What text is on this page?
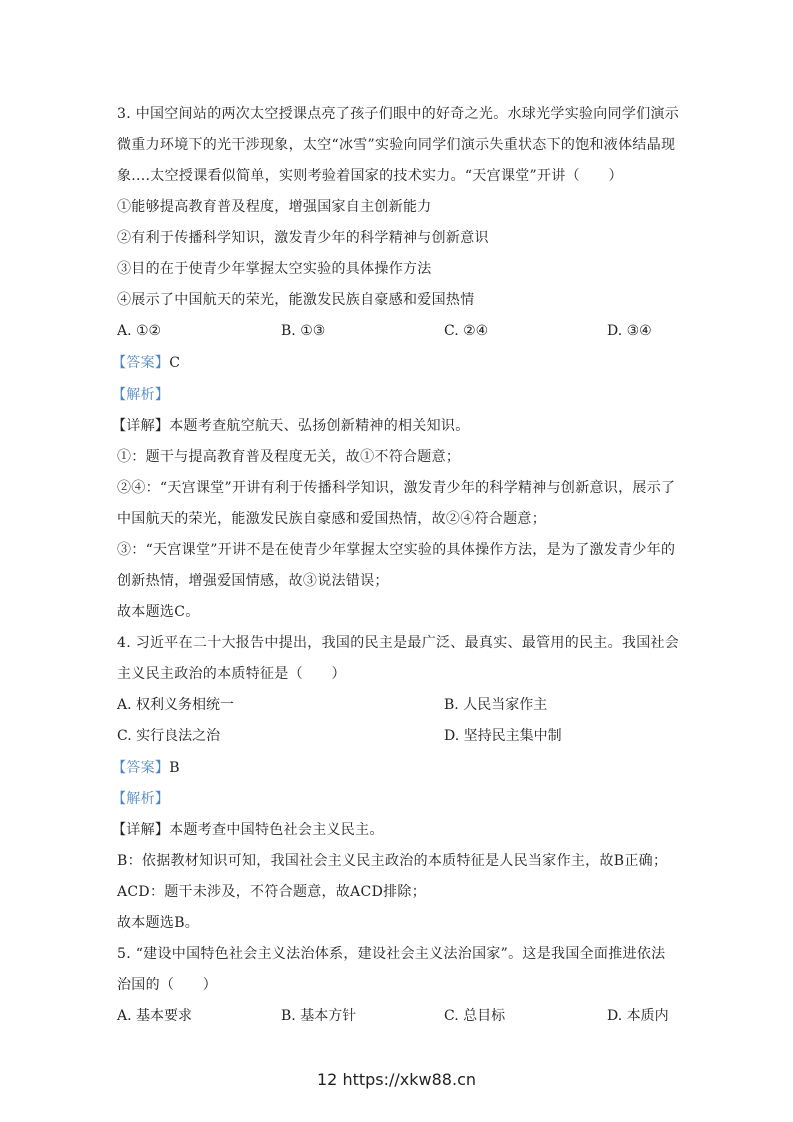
3. 中国空间站的两次太空授课点亮了孩子们眼中的好奇之光。水球光学实验向同学们演示
微重力环境下的光干涉现象，太空“冰雪”实验向同学们演示失重状态下的饱和液体结晶现
象....太空授课看似简单，实则考验着国家的技术实力。“天宫课堂”开讲（　　）
①能够提高教育普及程度，增强国家自主创新能力
②有利于传播科学知识，激发青少年的科学精神与创新意识
③目的在于使青少年掌握太空实验的具体操作方法
④展示了中国航天的荣光，能激发民族自豪感和爱国热情
A. ①②	B. ①③	C. ②④	D. ③④
【答案】C
【解析】
【详解】本题考查航空航天、弘扬创新精神的相关知识。
①：题干与提高教育普及程度无关，故①不符合题意；
②④：“天宫课堂”开讲有利于传播科学知识，激发青少年的科学精神与创新意识，展示了
中国航天的荣光，能激发民族自豪感和爱国热情，故②④符合题意；
③：“天宫课堂”开讲不是在使青少年掌握太空实验的具体操作方法，是为了激发青少年的
创新热情，增强爱国情感，故③说法错误；
故本题选C。
4. 习近平在二十大报告中提出，我国的民主是最广泛、最真实、最管用的民主。我国社会
主义民主政治的本质特征是（　　）
A. 权利义务相统一	B. 人民当家作主
C. 实行良法之治	D. 坚持民主集中制
【答案】B
【解析】
【详解】本题考查中国特色社会主义民主。
B：依据教材知识可知，我国社会主义民主政治的本质特征是人民当家作主，故B正确；
ACD：题干未涉及，不符合题意，故ACD排除；
故本题选B。
5. “建设中国特色社会主义法治体系，建设社会主义法治国家”。这是我国全面推进依法
治国的（　　）
A. 基本要求	B. 基本方针	C. 总目标	D. 本质内
12 https://xkw88.cn
